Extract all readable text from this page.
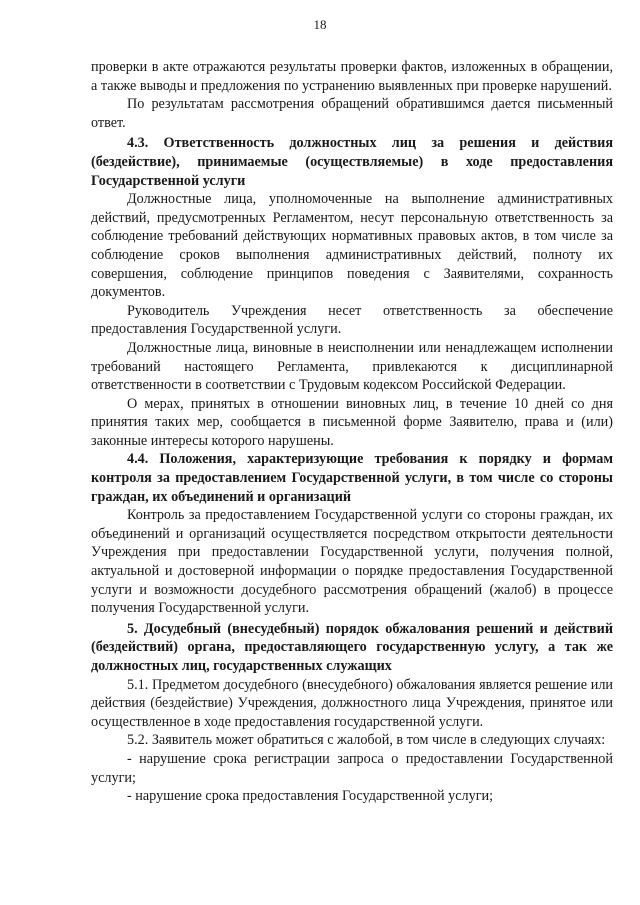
18

проверки в акте отражаются результаты проверки фактов, изложенных в обращении, а также выводы и предложения по устранению выявленных при проверке нарушений.

По результатам рассмотрения обращений обратившимся дается письменный ответ.

4.3. Ответственность должностных лиц за решения и действия (бездействие), принимаемые (осуществляемые) в ходе предоставления Государственной услуги

Должностные лица, уполномоченные на выполнение административных действий, предусмотренных Регламентом, несут персональную ответственность за соблюдение требований действующих нормативных правовых актов, в том числе за соблюдение сроков выполнения административных действий, полноту их совершения, соблюдение принципов поведения с Заявителями, сохранность документов.

Руководитель Учреждения несет ответственность за обеспечение предоставления Государственной услуги.

Должностные лица, виновные в неисполнении или ненадлежащем исполнении требований настоящего Регламента, привлекаются к дисциплинарной ответственности в соответствии с Трудовым кодексом Российской Федерации.

О мерах, принятых в отношении виновных лиц, в течение 10 дней со дня принятия таких мер, сообщается в письменной форме Заявителю, права и (или) законные интересы которого нарушены.

4.4. Положения, характеризующие требования к порядку и формам контроля за предоставлением Государственной услуги, в том числе со стороны граждан, их объединений и организаций

Контроль за предоставлением Государственной услуги со стороны граждан, их объединений и организаций осуществляется посредством открытости деятельности Учреждения при предоставлении Государственной услуги, получения полной, актуальной и достоверной информации о порядке предоставления Государственной услуги и возможности досудебного рассмотрения обращений (жалоб) в процессе получения Государственной услуги.

5. Досудебный (внесудебный) порядок обжалования решений и действий (бездействий) органа, предоставляющего государственную услугу, а так же должностных лиц, государственных служащих

5.1. Предметом досудебного (внесудебного) обжалования является решение или действия (бездействие) Учреждения, должностного лица Учреждения, принятое или осуществленное в ходе предоставления государственной услуги.

5.2. Заявитель может обратиться с жалобой, в том числе в следующих случаях:

- нарушение срока регистрации запроса о предоставлении Государственной услуги;

- нарушение срока предоставления Государственной услуги;
